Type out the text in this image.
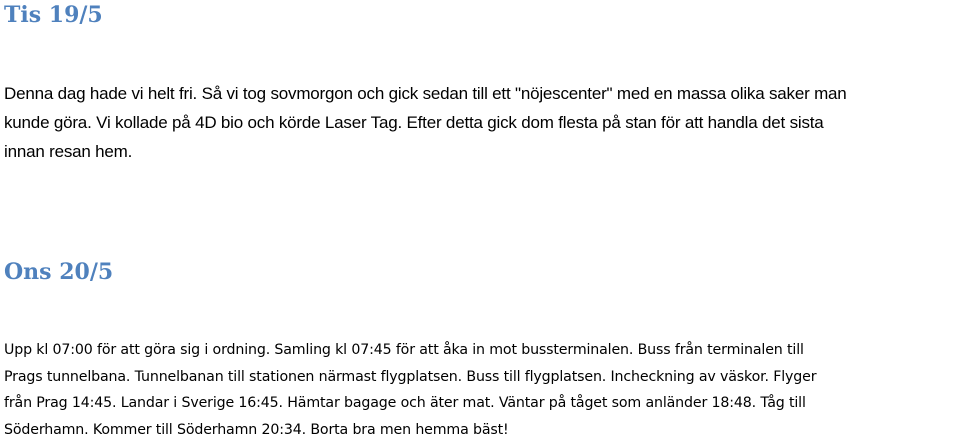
Tis 19/5

Denna dag hade vi helt fri. Så vi tog sovmorgon och gick sedan till ett "nöjescenter" med en massa olika saker man
kunde göra. Vi kollade på 4D bio och körde Laser Tag. Efter detta gick dom flesta på stan för att handla det sista
innan resan hem.

Ons 20/5

Upp kl 07:00 för att göra sig i ordning. Samling kl 07:45 för att åka in mot bussterminalen. Buss från terminalen till
Prags tunnelbana. Tunnelbanan till stationen närmast flygplatsen. Buss till flygplatsen. Incheckning av väskor. Flyger
från Prag 14:45. Landar i Sverige 16:45. Hämtar bagage och äter mat. Väntar på tåget som anländer 18:48. Tåg till
Söderhamn. Kommer till Söderhamn 20:34. Borta bra men hemma bäst!
